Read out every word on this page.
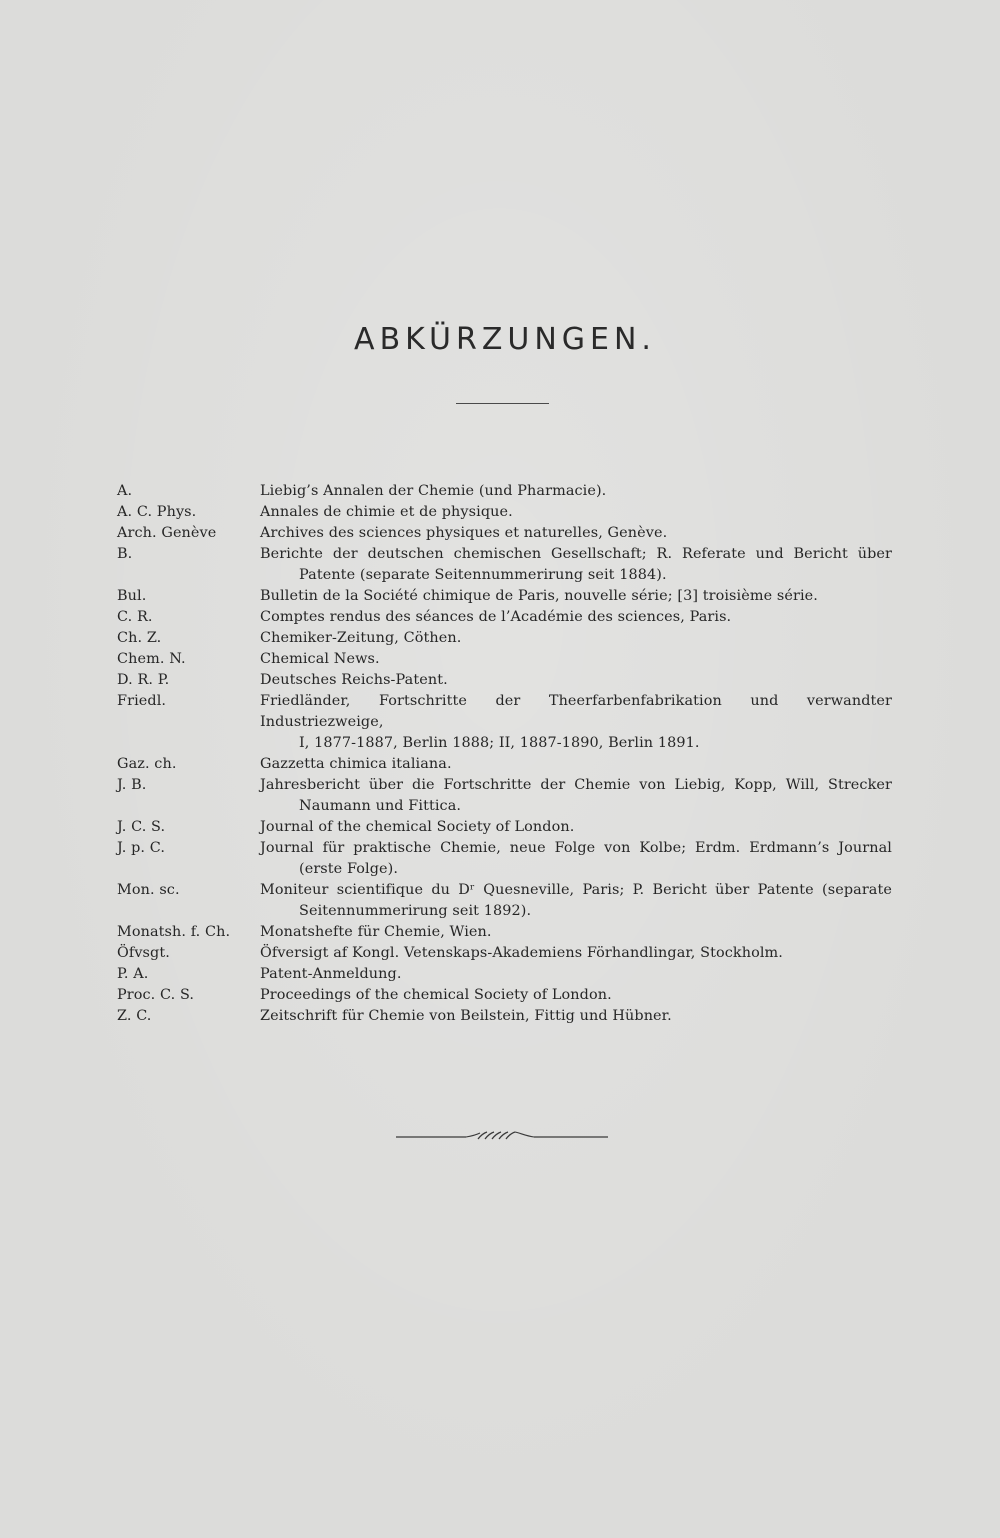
ABKÜRZUNGEN.
A.	Liebig’s Annalen der Chemie (und Pharmacie).
A. C. Phys.	Annales de chimie et de physique.
Arch. Genève	Archives des sciences physiques et naturelles, Genève.
B.	Berichte der deutschen chemischen Gesellschaft; R. Referate und Bericht über
Patente (separate Seitennummerirung seit 1884).
Bul.	Bulletin de la Société chimique de Paris, nouvelle série; [3] troisième série.
C. R.	Comptes rendus des séances de l’Académie des sciences, Paris.
Ch. Z.	Chemiker-Zeitung, Cöthen.
Chem. N.	Chemical News.
D. R. P.	Deutsches Reichs-Patent.
Friedl.	Friedländer, Fortschritte der Theerfarbenfabrikation und verwandter Industriezweige,
I, 1877-1887, Berlin 1888; II, 1887-1890, Berlin 1891.
Gaz. ch.	Gazzetta chimica italiana.
J. B.	Jahresbericht über die Fortschritte der Chemie von Liebig, Kopp, Will, Strecker
Naumann und Fittica.
J. C. S.	Journal of the chemical Society of London.
J. p. C.	Journal für praktische Chemie, neue Folge von Kolbe; Erdm. Erdmann’s Journal
(erste Folge).
Mon. sc.	Moniteur scientifique du Dʳ Quesneville, Paris; P. Bericht über Patente (separate
Seitennummerirung seit 1892).
Monatsh. f. Ch.	Monatshefte für Chemie, Wien.
Öfvsgt.	Öfversigt af Kongl. Vetenskaps-Akademiens Förhandlingar, Stockholm.
P. A.	Patent-Anmeldung.
Proc. C. S.	Proceedings of the chemical Society of London.
Z. C.	Zeitschrift für Chemie von Beilstein, Fittig und Hübner.
